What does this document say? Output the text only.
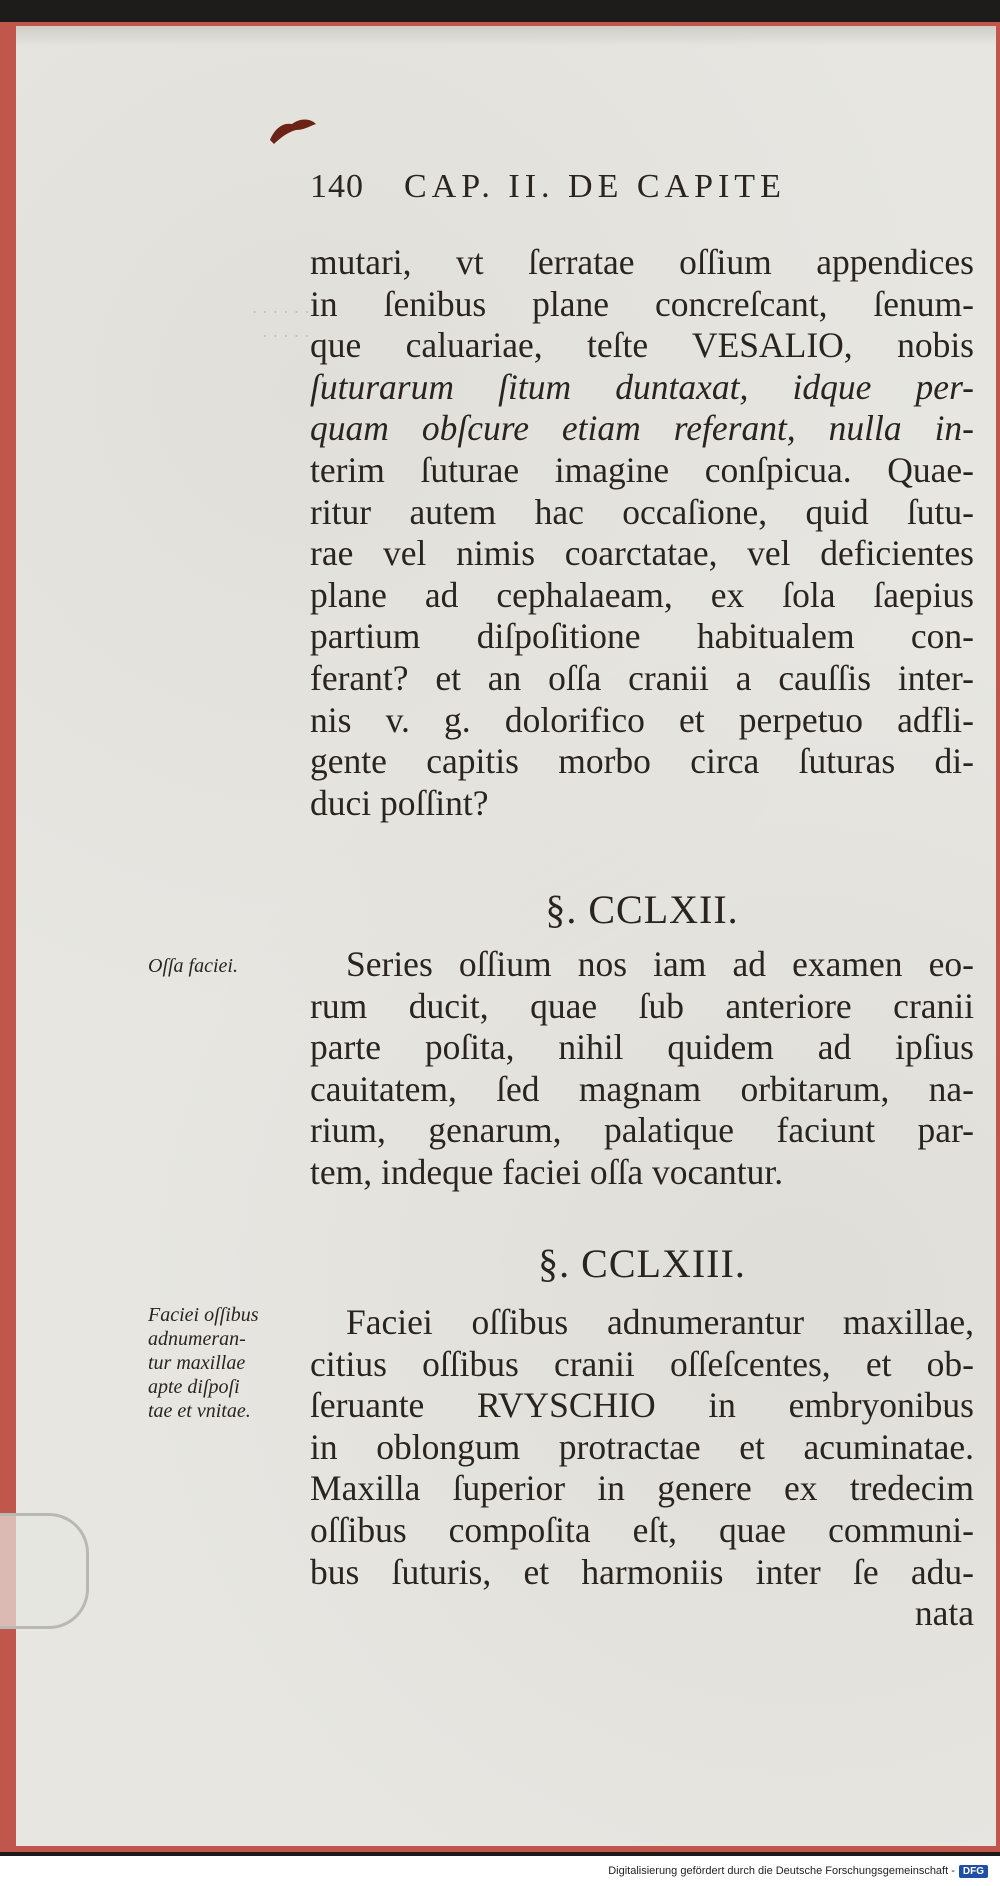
· · · · · ·
· · · · ·
140 CAP. II. DE CAPITE
mutari, vt ſerratae oſſium appendices
in ſenibus plane concreſcant, ſenum-
que caluariae, teſte VESALIO, nobis
ſuturarum ſitum duntaxat, idque per-
quam obſcure etiam referant, nulla in-
terim ſuturae imagine conſpicua. Quae-
ritur autem hac occaſione, quid ſutu-
rae vel nimis coarctatae, vel deficientes
plane ad cephalaeam, ex ſola ſaepius
partium diſpoſitione habitualem con-
ferant? et an oſſa cranii a cauſſis inter-
nis v. g. dolorifico et perpetuo adfli-
gente capitis morbo circa ſuturas di-
duci poſſint?
§. CCLXII.
Oſſa faciei.	Series oſſium nos iam ad examen eo-
rum ducit, quae ſub anteriore cranii
parte poſita, nihil quidem ad ipſius
cauitatem, ſed magnam orbitarum, na-
rium, genarum, palatique faciunt par-
tem, indeque faciei oſſa vocantur.
§. CCLXIII.
Faciei oſſibus
adnumeran-
tur maxillae
apte diſpoſi
tae et vnitae.
Faciei oſſibus adnumerantur maxillae,
citius oſſibus cranii oſſeſcentes, et ob-
ſeruante RVYSCHIO in embryonibus
in oblongum protractae et acuminatae.
Maxilla ſuperior in genere ex tredecim
oſſibus compoſita eſt, quae communi-
bus ſuturis, et harmoniis inter ſe adu-
nata
Digitalisierung gefördert durch die Deutsche Forschungsgemeinschaft - DFG
